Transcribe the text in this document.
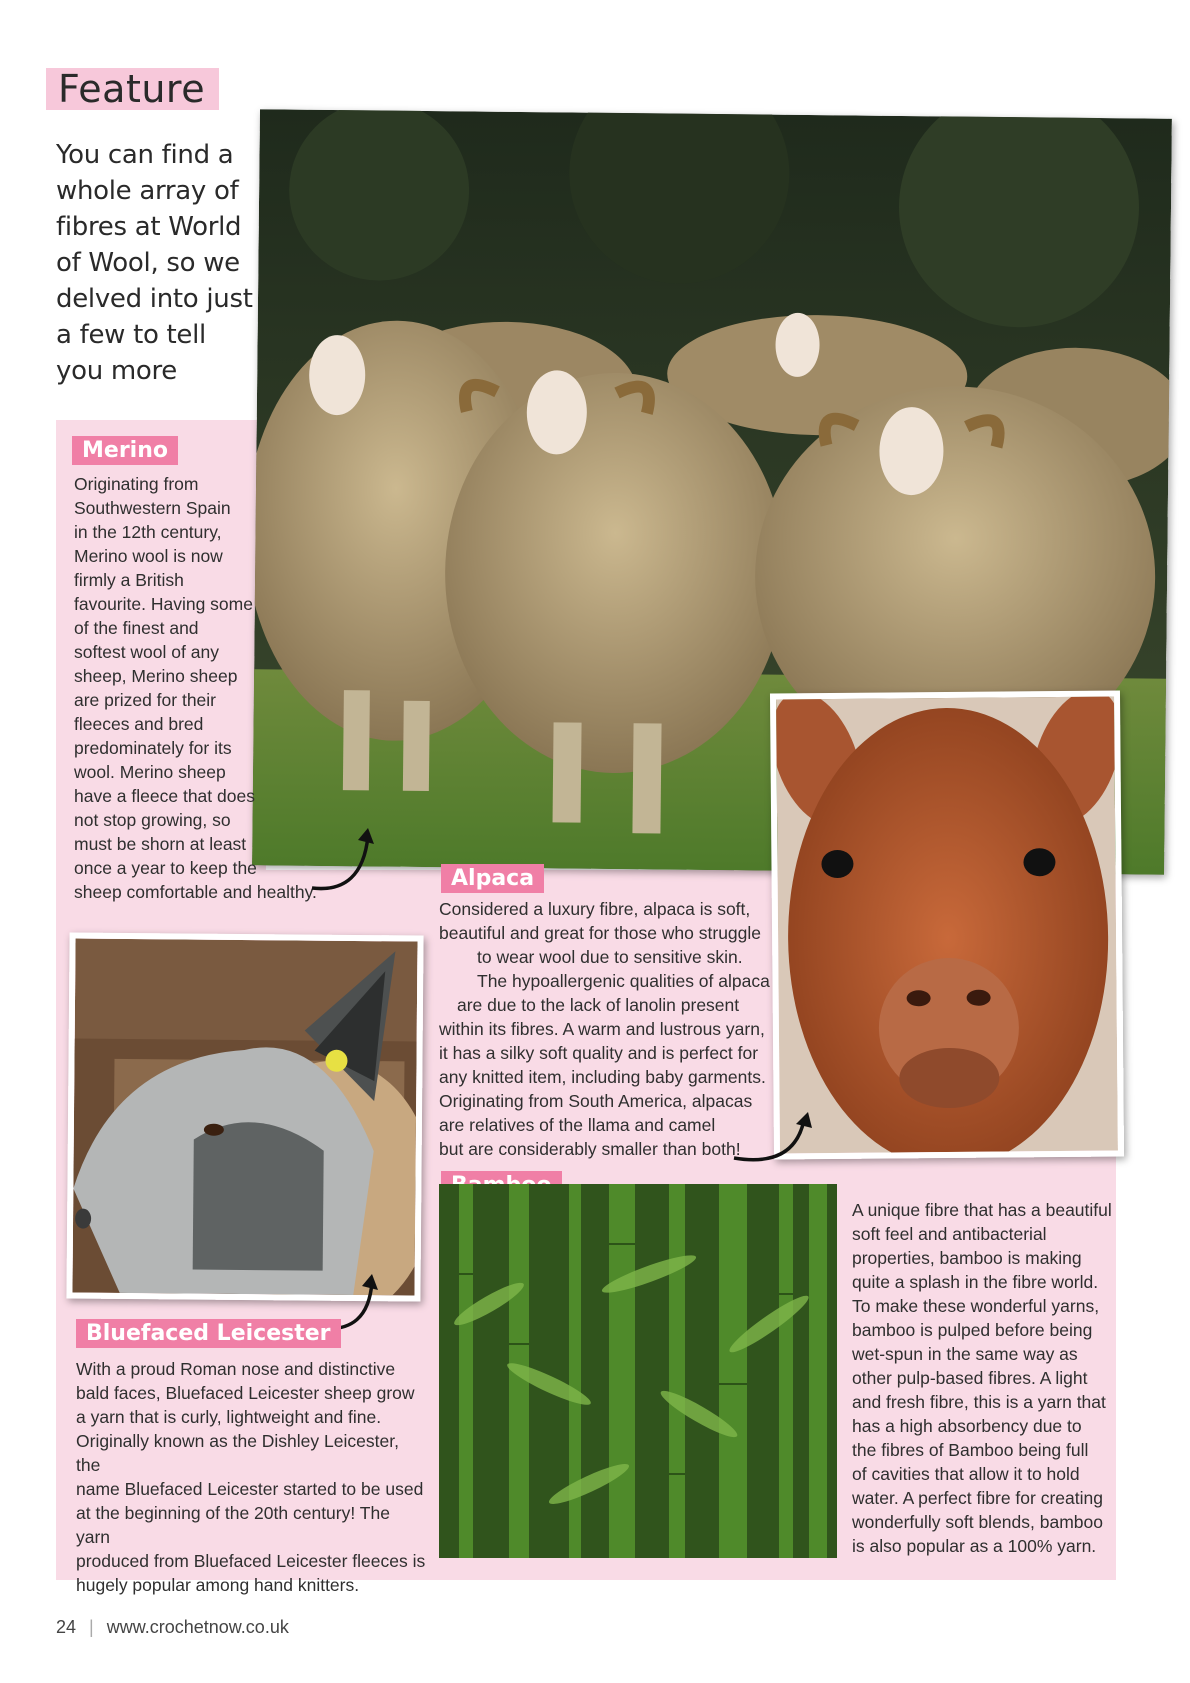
Feature
You can find a
whole array of
fibres at World
of Wool, so we
delved into just
a few to tell
you more
Merino
Originating from
Southwestern Spain
in the 12th century,
Merino wool is now
firmly a British
favourite. Having some
of the finest and
softest wool of any
sheep, Merino sheep
are prized for their
fleeces and bred
predominately for its
wool. Merino sheep
have a fleece that does
not stop growing, so
must be shorn at least
once a year to keep the
sheep comfortable and healthy.
Alpaca
Considered a luxury fibre, alpaca is soft,
beautiful and great for those who struggle
to wear wool due to sensitive skin.
The hypoallergenic qualities of alpaca
are due to the lack of lanolin present
within its fibres. A warm and lustrous yarn,
it has a silky soft quality and is perfect for
any knitted item, including baby garments.
Originating from South America, alpacas
are relatives of the llama and camel
but are considerably smaller than both!
Bluefaced Leicester
With a proud Roman nose and distinctive
bald faces, Bluefaced Leicester sheep grow
a yarn that is curly, lightweight and fine.
Originally known as the Dishley Leicester, the
name Bluefaced Leicester started to be used
at the beginning of the 20th century! The yarn
produced from Bluefaced Leicester fleeces is
hugely popular among hand knitters.
A unique fibre that has a beautiful
soft feel and antibacterial
properties, bamboo is making
quite a splash in the fibre world.
To make these wonderful yarns,
bamboo is pulped before being
wet-spun in the same way as
other pulp-based fibres. A light
and fresh fibre, this is a yarn that
has a high absorbency due to
the fibres of Bamboo being full
of cavities that allow it to hold
water. A perfect fibre for creating
wonderfully soft blends, bamboo
is also popular as a 100% yarn.
24 | www.crochetnow.co.uk
